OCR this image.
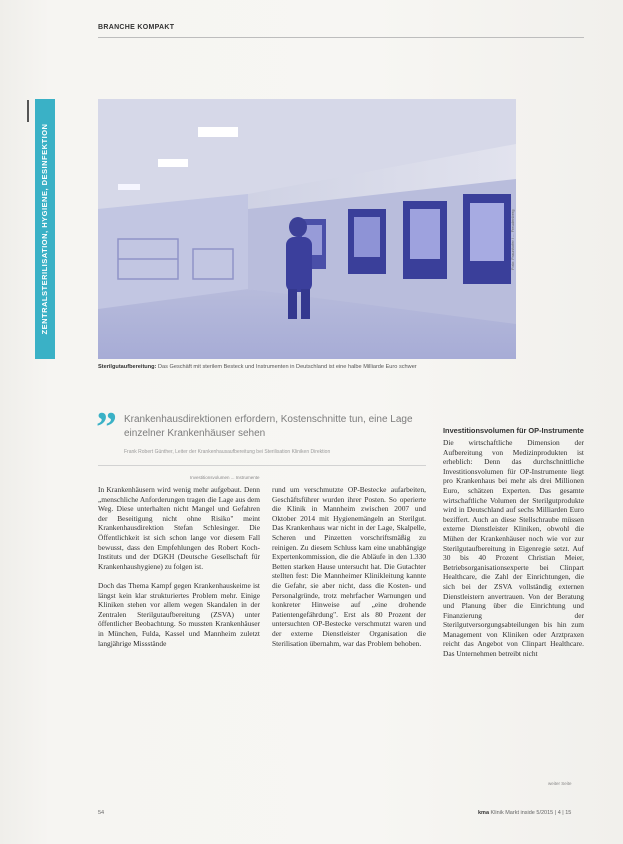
BRANCHE KOMPAKT
ZENTRALSTERILISATION, HYGIENE, DESINFEKTION	Foto: Fraunhofer / ... Freudenberg
Sterilgutaufbereitung: Das Geschäft mit sterilem Besteck und Instrumenten in Deutschland ist eine halbe Milliarde Euro schwer
” Krankenhausdirektionen erfordern, Kostenschnitte tun, eine Lage einzelner Krankenhäuser sehen
Frank Robert Günther, Leiter der Krankenhausaufbereitung bei Sterilisation Kliniken Direktion
Investitionsvolumen ... Instrumente

In Krankenhäusern wird wenig mehr aufgebaut. Denn „menschliche Anforderungen tragen die Lage aus dem Weg. Diese unterhalten nicht Mangel und Gefahren der Beseitigung nicht ohne Risiko" meint Krankenhausdirektion Stefan Schlesinger. Die Öffentlichkeit ist sich schon lange vor diesem Fall bewusst, dass den Empfehlungen des Robert Koch-Instituts und der DGKH (Deutsche Gesellschaft für Krankenhaushygiene) zu folgen ist.

Doch das Thema Kampf gegen Krankenhauskeime ist längst kein klar strukturiertes Problem mehr. Einige Kliniken stehen vor allem wegen Skandalen in der Zentralen Sterilgutaufbereitung (ZSVA) unter öffentlicher Beobachtung. So mussten Krankenhäuser in München, Fulda, Kassel und Mannheim zuletzt langjährige Missstände

rund um verschmutzte OP-Bestecke aufarbeiten, Geschäftsführer wurden ihrer Posten. So operierte die Klinik in Mannheim zwischen 2007 und Oktober 2014 mit Hygienemängeln an Sterilgut. Das Krankenhaus war nicht in der Lage, Skalpelle, Scheren und Pinzetten vorschriftsmäßig zu reinigen. Zu diesem Schluss kam eine unabhängige Expertenkommission, die die Abläufe in den 1.330 Betten starken Hause untersucht hat. Die Gutachter stellten fest: Die Mannheimer Klinikleitung kannte die Gefahr, sie aber nicht, dass die Kosten- und Personalgründe, trotz mehrfacher Warnungen und konkreter Hinweise auf „eine drohende Patientengefährdung". Erst als 80 Prozent der untersuchten OP-Bestecke verschmutzt waren und der externe Dienstleister Organisation die Sterilisation übernahm, war das Problem behoben.

Investitionsvolumen für OP-Instrumente

Die wirtschaftliche Dimension der Aufbereitung von Medizinprodukten ist erheblich: Denn das durchschnittliche Investitionsvolumen für OP-Instrumente liegt pro Krankenhaus bei mehr als drei Millionen Euro, schätzen Experten. Das gesamte wirtschaftliche Volumen der Sterilgutprodukte wird in Deutschland auf sechs Milliarden Euro beziffert. Auch an diese Stellschraube müssen externe Dienstleister Kliniken, obwohl die Mühen der Krankenhäuser noch wie vor zur Sterilgutaufbereitung in Eigenregie setzt. Auf 30 bis 40 Prozent Christian Meier, Betriebsorganisationsexperte bei Clinpart Healthcare, die Zahl der Einrichtungen, die sich bei der ZSVA vollständig externen Dienstleistern anvertrauen. Von der Beratung und Planung über die Einrichtung und Finanzierung der Sterilgutversorgungsabteilungen bis hin zum Management von Kliniken oder Arztpraxen reicht das Angebot von Clinpart Healthcare. Das Unternehmen betreibt nicht

weiter Seite
54	kma Klinik Markt inside 5/2015 | 4 | 15
